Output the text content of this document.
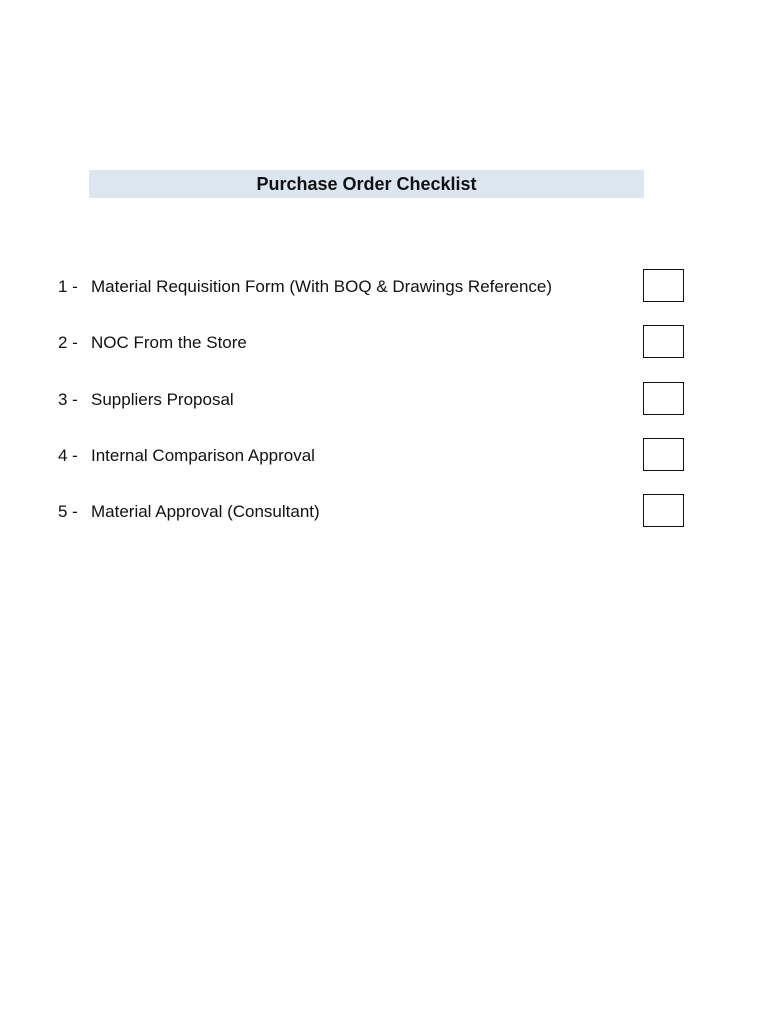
Purchase Order Checklist
1 - Material Requisition Form (With BOQ & Drawings Reference)
2 - NOC From the Store
3 - Suppliers Proposal
4 - Internal Comparison Approval
5 - Material Approval (Consultant)
